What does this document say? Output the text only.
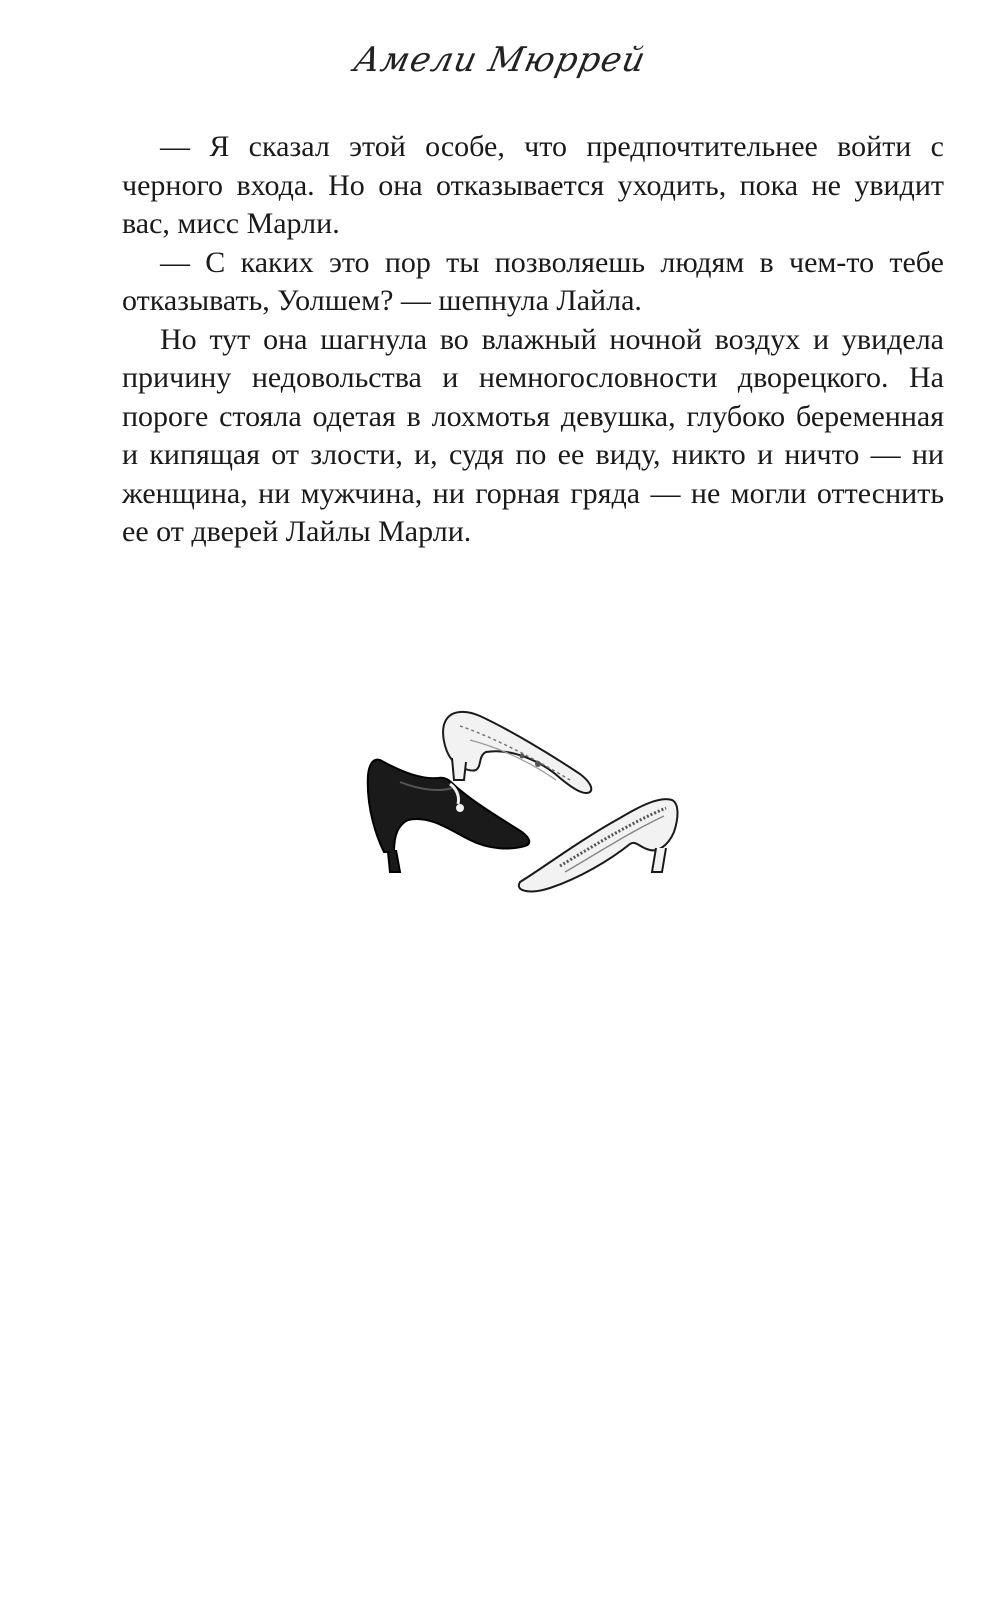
Амели Мюррей

— Я сказал этой особе, что предпочтительнее войти с черного входа. Но она отказывается уходить, пока не увидит вас, мисс Марли.

— С каких это пор ты позволяешь людям в чем-то тебе отказывать, Уолшем? — шепнула Лайла.

Но тут она шагнула во влажный ночной воздух и увидела причину недовольства и немногословности дворецкого. На пороге стояла одетая в лохмотья девушка, глубоко беременная и кипящая от злости, и, судя по ее виду, никто и ничто — ни женщина, ни мужчина, ни горная гряда — не могли оттеснить ее от дверей Лайлы Марли.
